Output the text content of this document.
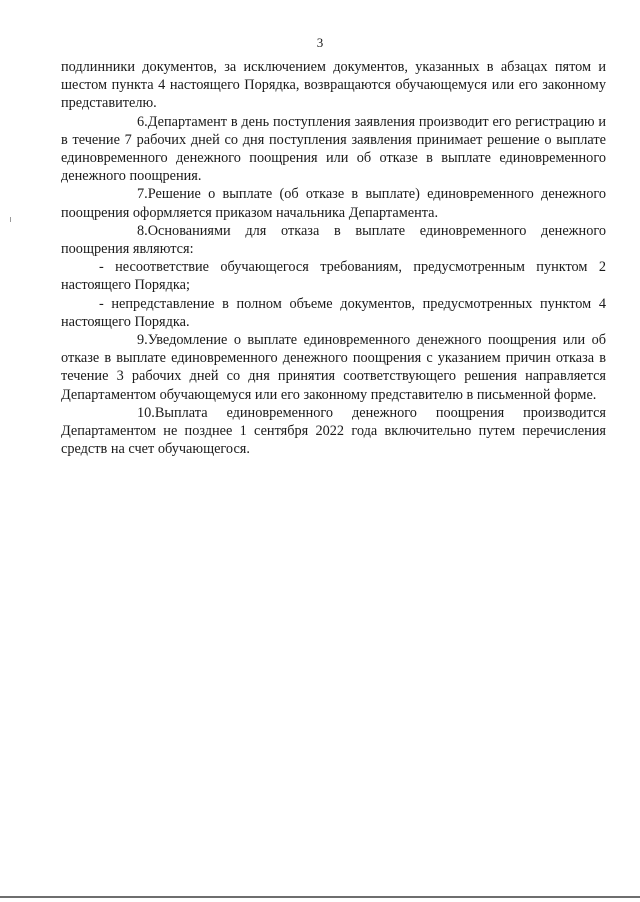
3

подлинники документов, за исключением документов, указанных в абзацах пятом и шестом пункта 4 настоящего Порядка, возвращаются обучающемуся или его законному представителю.

6.Департамент в день поступления заявления производит его регистрацию и в течение 7 рабочих дней со дня поступления заявления принимает решение о выплате единовременного денежного поощрения или об отказе в выплате единовременного денежного поощрения.

7.Решение о выплате (об отказе в выплате) единовременного денежного поощрения оформляется приказом начальника Департамента.

8.Основаниями для отказа в выплате единовременного денежного поощрения являются:

- несоответствие обучающегося требованиям, предусмотренным пунктом 2 настоящего Порядка;

- непредставление в полном объеме документов, предусмотренных пунктом 4 настоящего Порядка.

9.Уведомление о выплате единовременного денежного поощрения или об отказе в выплате единовременного денежного поощрения с указанием причин отказа в течение 3 рабочих дней со дня принятия соответствующего решения направляется Департаментом обучающемуся или его законному представителю в письменной форме.

10.Выплата единовременного денежного поощрения производится Департаментом не позднее 1 сентября 2022 года включительно путем перечисления средств на счет обучающегося.
